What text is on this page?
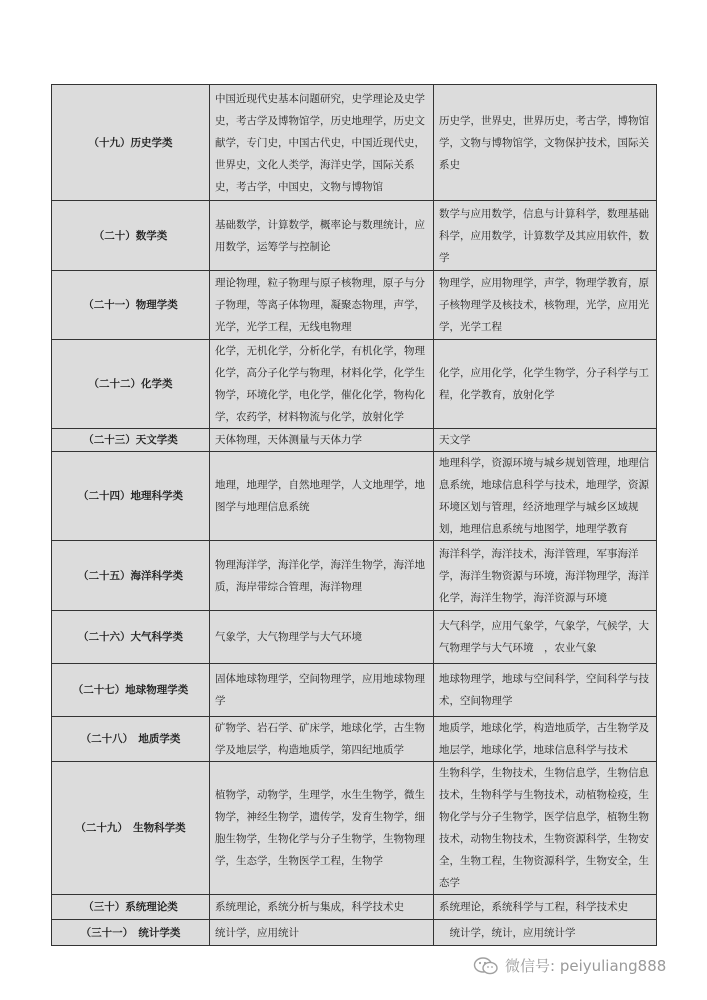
（十九）历史学类	中国近现代史基本问题研究，史学理论及史学史，考古学及博物馆学，历史地理学，历史文献学，专门史，中国古代史，中国近现代史，世界史，文化人类学，海洋史学，国际关系史，考古学，中国史，文物与博物馆	历史学，世界史，世界历史，考古学，博物馆学，文物与博物馆学，文物保护技术，国际关系史
（二十）数学类	基础数学，计算数学，概率论与数理统计，应用数学，运筹学与控制论	数学与应用数学，信息与计算科学，数理基础科学，应用数学，计算数学及其应用软件，数学
（二十一）物理学类	理论物理，粒子物理与原子核物理，原子与分子物理，等离子体物理，凝聚态物理，声学，光学，光学工程，无线电物理	物理学，应用物理学，声学，物理学教育，原子核物理学及核技术，核物理，光学，应用光学，光学工程
（二十二）化学类	化学，无机化学，分析化学，有机化学，物理化学，高分子化学与物理，材料化学，化学生物学，环境化学，电化学，催化化学，物构化学，农药学，材料物流与化学，放射化学	化学，应用化学，化学生物学，分子科学与工程，化学教育，放射化学
（二十三）天文学类	天体物理，天体测量与天体力学	天文学
（二十四）地理科学类	地理，地理学，自然地理学，人文地理学，地图学与地理信息系统	地理科学，资源环境与城乡规划管理，地理信息系统，地球信息科学与技术，地理学，资源环境区划与管理，经济地理学与城乡区域规划，地理信息系统与地图学，地理学教育
（二十五）海洋科学类	物理海洋学，海洋化学，海洋生物学，海洋地质，海岸带综合管理，海洋物理	海洋科学，海洋技术，海洋管理，军事海洋学，海洋生物资源与环境，海洋物理学，海洋化学，海洋生物学，海洋资源与环境
（二十六）大气科学类	气象学，大气物理学与大气环境	大气科学，应用气象学，气象学，气候学，大气物理学与大气环境　，农业气象
（二十七）地球物理学类	固体地球物理学，空间物理学，应用地球物理学	地球物理学，地球与空间科学，空间科学与技术，空间物理学
（二十八）　地质学类	矿物学、岩石学、矿床学，地球化学，古生物学及地层学，构造地质学，第四纪地质学	地质学，地球化学，构造地质学，古生物学及地层学，地球化学，地球信息科学与技术
（二十九）　生物科学类	植物学，动物学，生理学，水生生物学，微生物学，神经生物学，遗传学，发育生物学，细胞生物学，生物化学与分子生物学，生物物理学，生态学，生物医学工程，生物学	生物科学，生物技术，生物信息学，生物信息技术，生物科学与生物技术，动植物检疫，生物化学与分子生物学，医学信息学，植物生物技术，动物生物技术，生物资源科学，生物安全，生物工程，生物资源科学，生物安全，生态学
（三十）系统理论类	系统理论，系统分析与集成，科学技术史	系统理论，系统科学与工程，科学技术史
（三十一）　统计学类	统计学，应用统计	　统计学，统计，应用统计学
微信号: peiyuliang888
